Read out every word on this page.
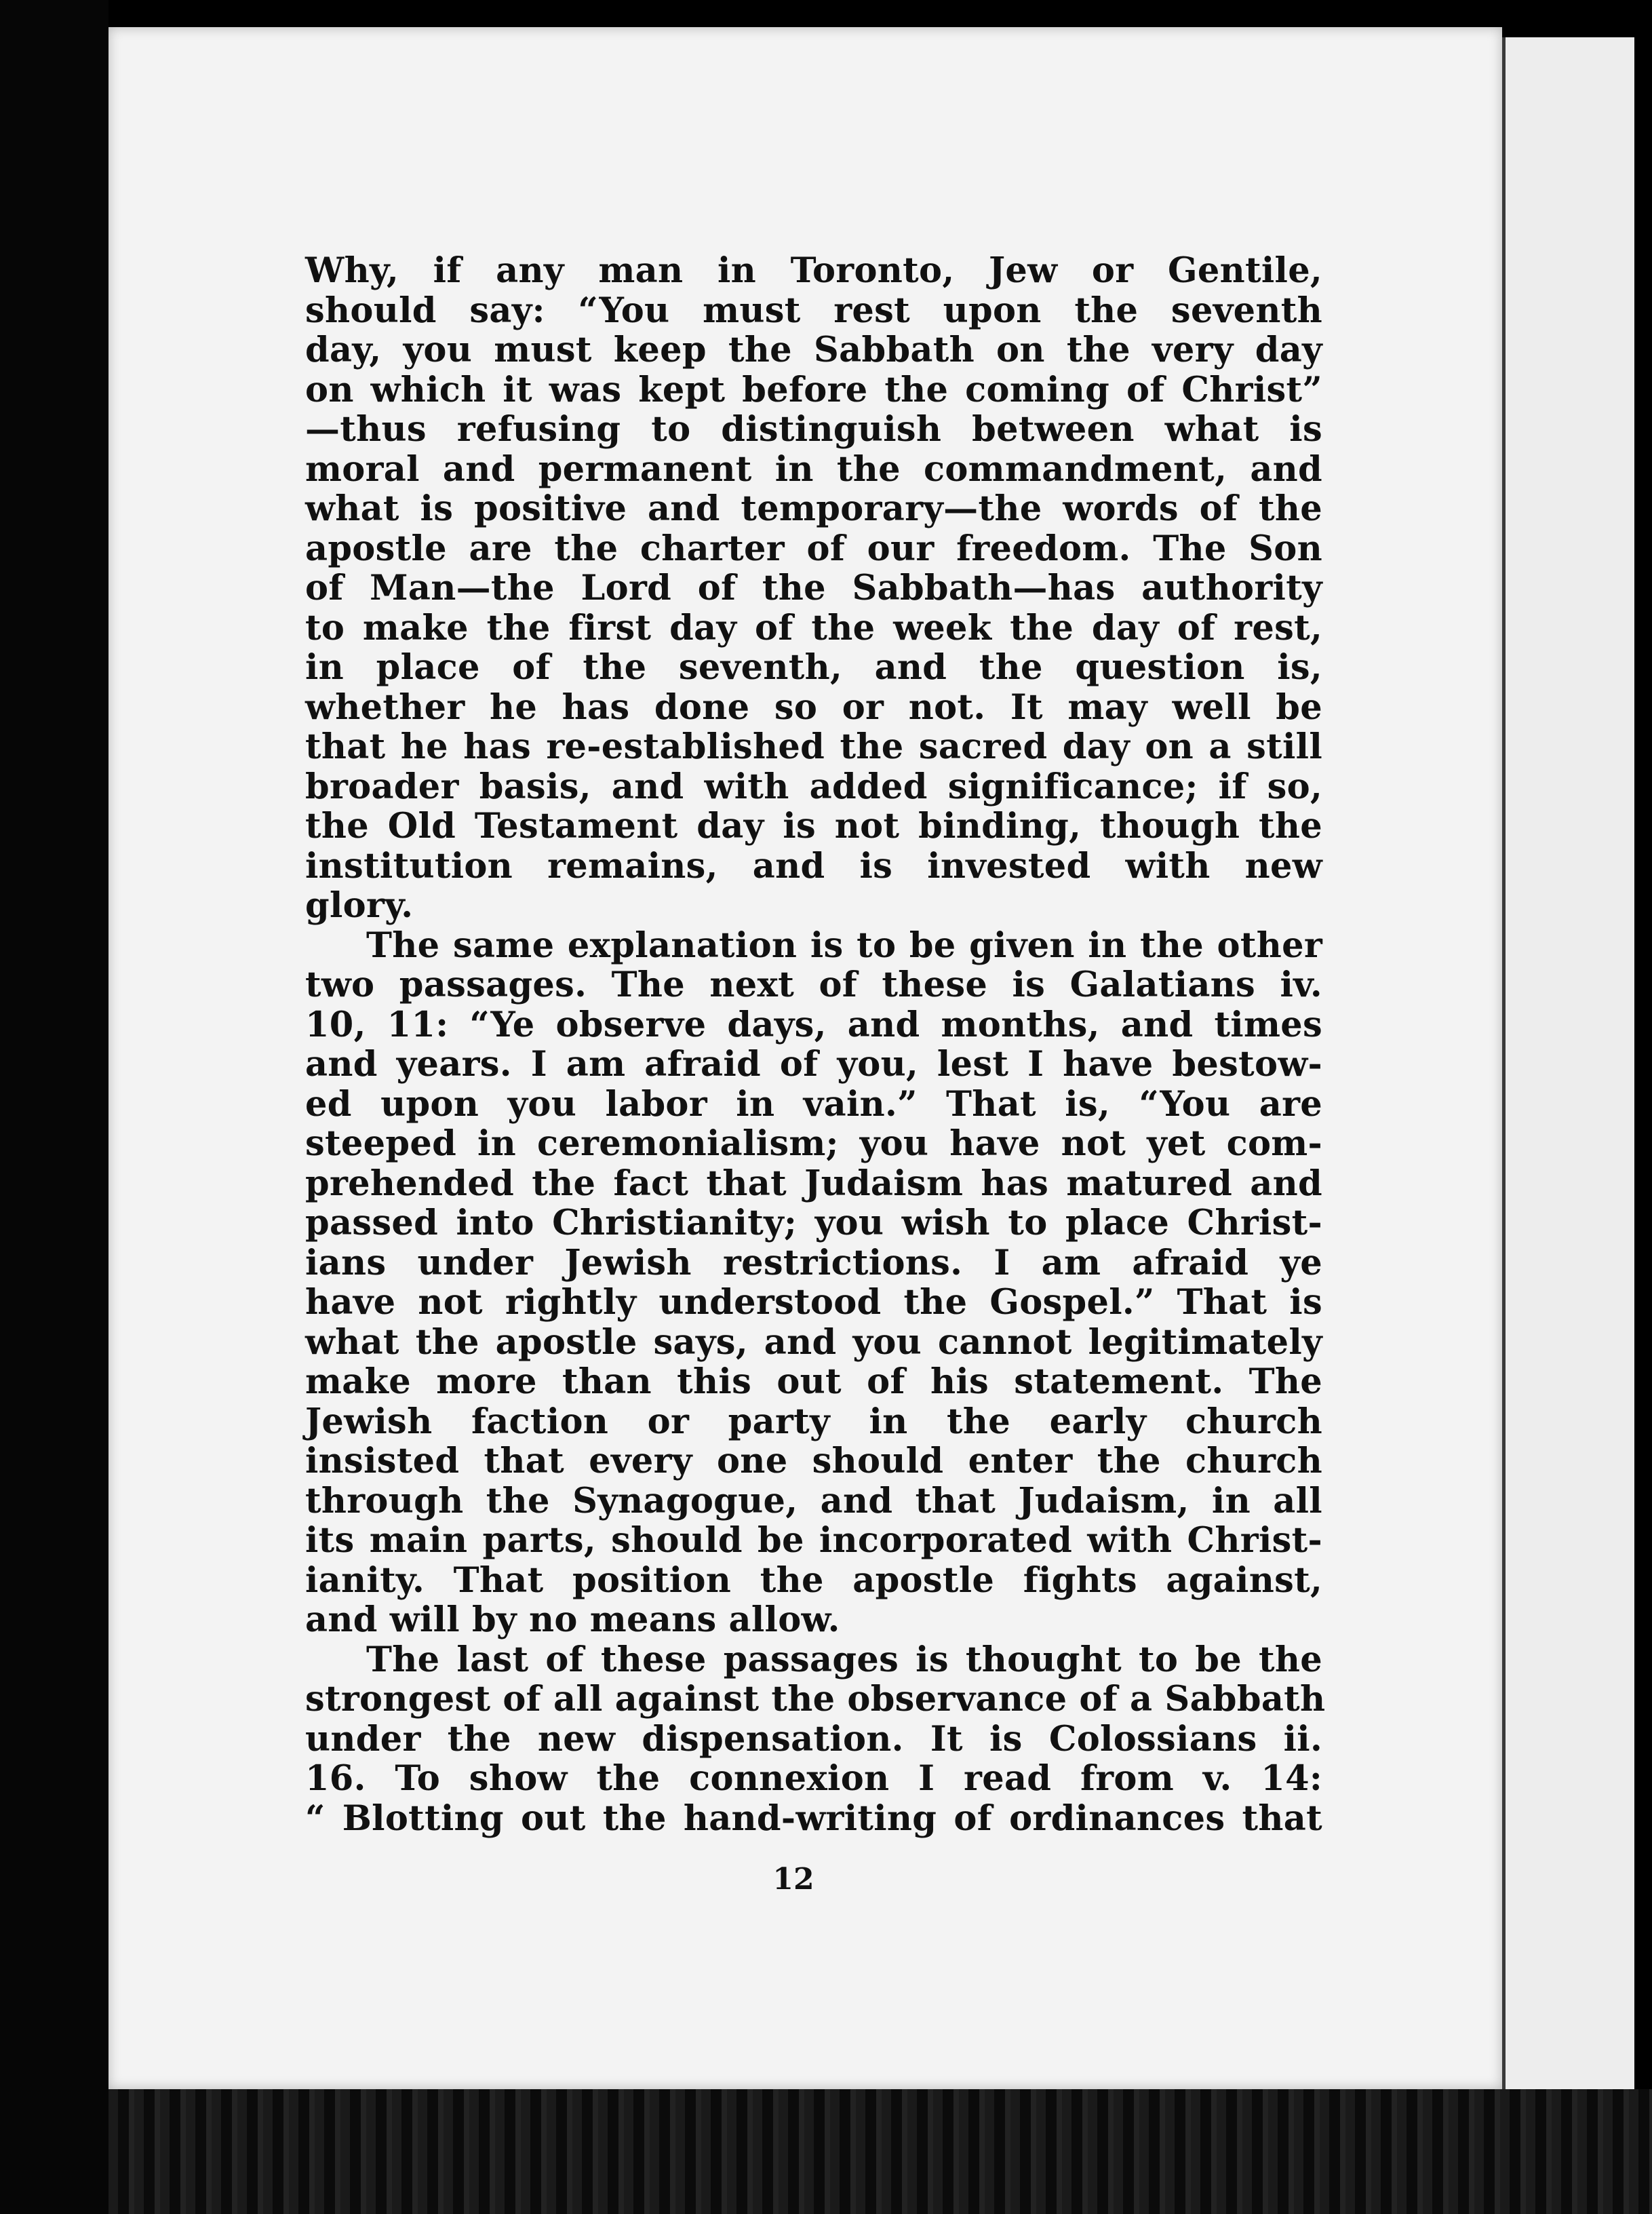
Why, if any man in Toronto, Jew or Gentile,
should say: “You must rest upon the seventh
day, you must keep the Sabbath on the very day
on which it was kept before the coming of Christ”
—thus refusing to distinguish between what is
moral and permanent in the commandment, and
what is positive and temporary—the words of the
apostle are the charter of our freedom. The Son
of Man—the Lord of the Sabbath—has authority
to make the first day of the week the day of rest,
in place of the seventh, and the question is,
whether he has done so or not. It may well be
that he has re-established the sacred day on a still
broader basis, and with added significance; if so,
the Old Testament day is not binding, though the
institution remains, and is invested with new
glory.
The same explanation is to be given in the other
two passages. The next of these is Galatians iv.
10, 11: “Ye observe days, and months, and times
and years. I am afraid of you, lest I have bestow-
ed upon you labor in vain.” That is, “You are
steeped in ceremonialism; you have not yet com-
prehended the fact that Judaism has matured and
passed into Christianity; you wish to place Christ-
ians under Jewish restrictions. I am afraid ye
have not rightly understood the Gospel.” That is
what the apostle says, and you cannot legitimately
make more than this out of his statement. The
Jewish faction or party in the early church
insisted that every one should enter the church
through the Synagogue, and that Judaism, in all
its main parts, should be incorporated with Christ-
ianity. That position the apostle fights against,
and will by no means allow.
The last of these passages is thought to be the
strongest of all against the observance of a Sabbath
under the new dispensation. It is Colossians ii.
16. To show the connexion I read from v. 14:
“ Blotting out the hand-writing of ordinances that
12
